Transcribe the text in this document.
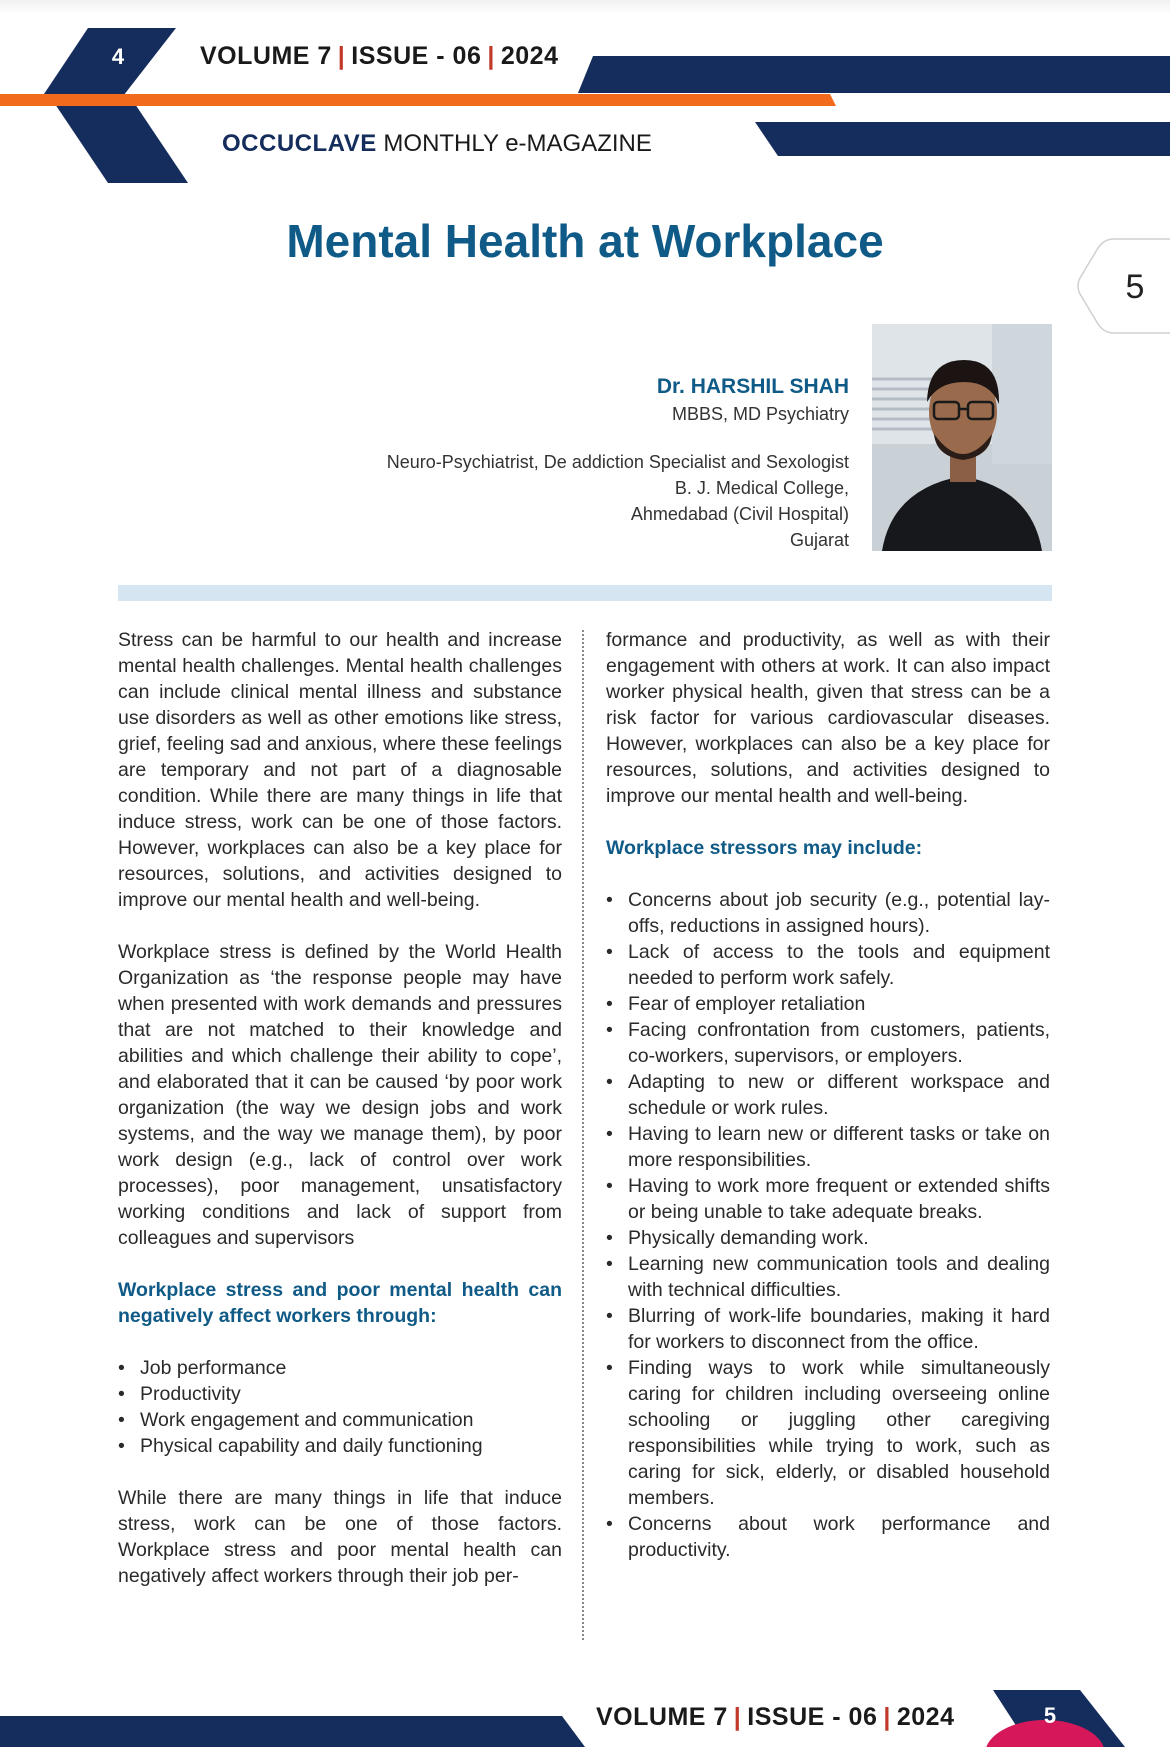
4	VOLUME 7 | ISSUE - 06 | 2024
OCCUCLAVE MONTHLY e-MAGAZINE
5
Mental Health at Workplace
Dr. HARSHIL SHAH
MBBS, MD Psychiatry
Neuro-Psychiatrist, De addiction Specialist and Sexologist
B. J. Medical College,
Ahmedabad (Civil Hospital)
Gujarat

Stress can be harmful to our health and increase mental health challenges. Mental health challenges can include clinical mental illness and substance use disorders as well as other emotions like stress, grief, feeling sad and anxious, where these feelings are temporary and not part of a diagnosable condition. While there are many things in life that induce stress, work can be one of those factors. However, workplaces can also be a key place for resources, solutions, and activities designed to improve our mental health and well-being.

Workplace stress is defined by the World Health Organization as ‘the response people may have when presented with work demands and pressures that are not matched to their knowledge and abilities and which challenge their ability to cope’, and elaborated that it can be caused ‘by poor work organization (the way we design jobs and work systems, and the way we manage them), by poor work design (e.g., lack of control over work processes), poor management, unsatisfactory working conditions and lack of support from colleagues and supervisors

Workplace stress and poor mental health can negatively affect workers through:
• Job performance
• Productivity
• Work engagement and communication
• Physical capability and daily functioning

While there are many things in life that induce stress, work can be one of those factors. Workplace stress and poor mental health can negatively affect workers through their job per-

formance and productivity, as well as with their engagement with others at work. It can also impact worker physical health, given that stress can be a risk factor for various cardiovascular diseases. However, workplaces can also be a key place for resources, solutions, and activities designed to improve our mental health and well-being.

Workplace stressors may include:
• Concerns about job security (e.g., potential lay-offs, reductions in assigned hours).
• Lack of access to the tools and equipment needed to perform work safely.
• Fear of employer retaliation
• Facing confrontation from customers, patients, co-workers, supervisors, or employers.
• Adapting to new or different workspace and schedule or work rules.
• Having to learn new or different tasks or take on more responsibilities.
• Having to work more frequent or extended shifts or being unable to take adequate breaks.
• Physically demanding work.
• Learning new communication tools and dealing with technical difficulties.
• Blurring of work-life boundaries, making it hard for workers to disconnect from the office.
• Finding ways to work while simultaneously caring for children including overseeing online schooling or juggling other caregiving responsibilities while trying to work, such as caring for sick, elderly, or disabled household members.
• Concerns about work performance and productivity.
VOLUME 7 | ISSUE - 06 | 2024	5
